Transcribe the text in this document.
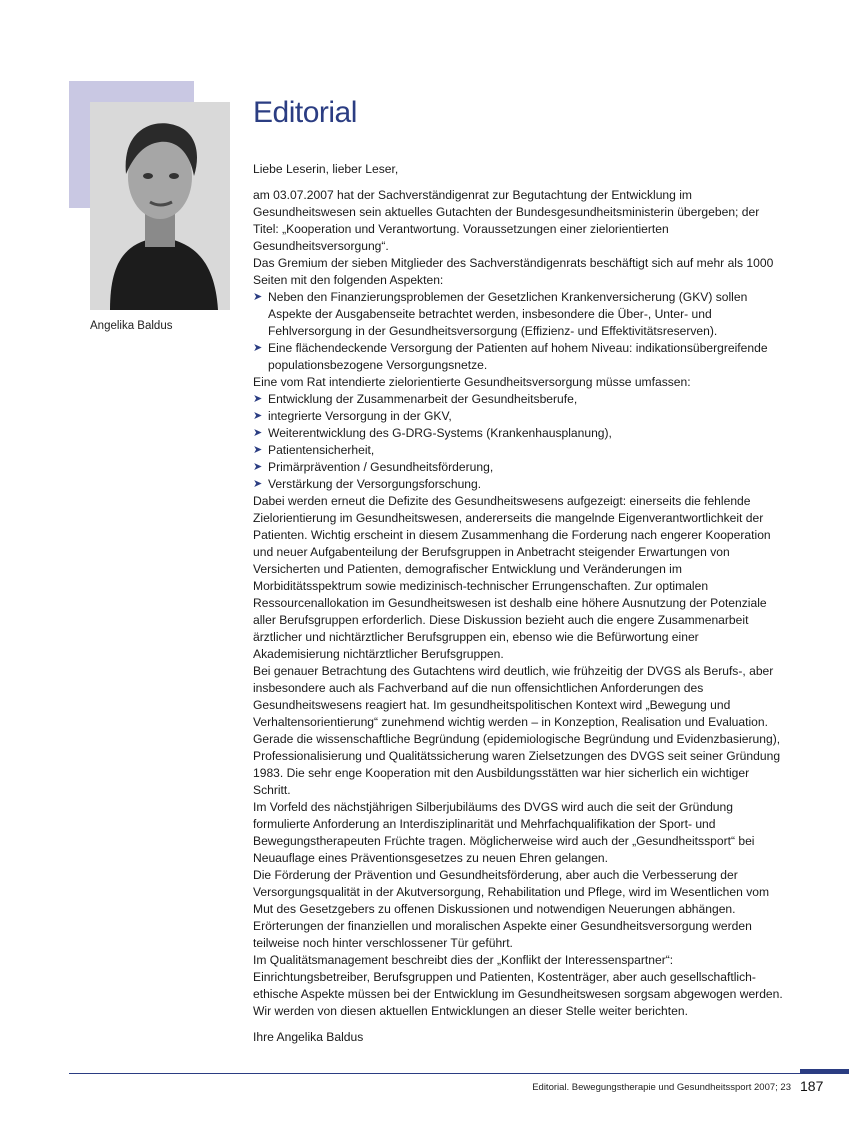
Angelika Baldus
Editorial
Liebe Leserin, lieber Leser,

am 03.07.2007 hat der Sachverständigenrat zur Begutachtung der Entwicklung im Gesundheitswesen sein aktuelles Gutachten der Bundesgesundheitsministerin übergeben; der Titel: „Kooperation und Verantwortung. Voraussetzungen einer zielorientierten Gesundheitsversorgung“.

Das Gremium der sieben Mitglieder des Sachverständigenrats beschäftigt sich auf mehr als 1000 Seiten mit den folgenden Aspekten:

➤ Neben den Finanzierungsproblemen der Gesetzlichen Krankenversicherung (GKV) sollen Aspekte der Ausgabenseite betrachtet werden, insbesondere die Über-, Unter- und Fehlversorgung in der Gesundheitsversorgung (Effizienz- und Effektivitätsreserven).
➤ Eine flächendeckende Versorgung der Patienten auf hohem Niveau: indikationsübergreifende populationsbezogene Versorgungsnetze.

Eine vom Rat intendierte zielorientierte Gesundheitsversorgung müsse umfassen:

➤ Entwicklung der Zusammenarbeit der Gesundheitsberufe,
➤ integrierte Versorgung in der GKV,
➤ Weiterentwicklung des G-DRG-Systems (Krankenhausplanung),
➤ Patientensicherheit,
➤ Primärprävention / Gesundheitsförderung,
➤ Verstärkung der Versorgungsforschung.

Dabei werden erneut die Defizite des Gesundheitswesens aufgezeigt: einerseits die fehlende Zielorientierung im Gesundheitswesen, andererseits die mangelnde Eigenverantwortlichkeit der Patienten. Wichtig erscheint in diesem Zusammenhang die Forderung nach engerer Kooperation und neuer Aufgabenteilung der Berufsgruppen in Anbetracht steigender Erwartungen von Versicherten und Patienten, demografischer Entwicklung und Veränderungen im Morbiditätsspektrum sowie medizinisch-technischer Errungenschaften. Zur optimalen Ressourcenallokation im Gesundheitswesen ist deshalb eine höhere Ausnutzung der Potenziale aller Berufsgruppen erforderlich. Diese Diskussion bezieht auch die engere Zusammenarbeit ärztlicher und nichtärztlicher Berufsgruppen ein, ebenso wie die Befürwortung einer Akademisierung nichtärztlicher Berufsgruppen.

Bei genauer Betrachtung des Gutachtens wird deutlich, wie frühzeitig der DVGS als Berufs-, aber insbesondere auch als Fachverband auf die nun offensichtlichen Anforderungen des Gesundheitswesens reagiert hat. Im gesundheitspolitischen Kontext wird „Bewegung und Verhaltensorientierung“ zunehmend wichtig werden – in Konzeption, Realisation und Evaluation. Gerade die wissenschaftliche Begründung (epidemiologische Begründung und Evidenzbasierung), Professionalisierung und Qualitätssicherung waren Zielsetzungen des DVGS seit seiner Gründung 1983. Die sehr enge Kooperation mit den Ausbildungsstätten war hier sicherlich ein wichtiger Schritt.

Im Vorfeld des nächstjährigen Silberjubiläums des DVGS wird auch die seit der Gründung formulierte Anforderung an Interdisziplinarität und Mehrfachqualifikation der Sport- und Bewegungstherapeuten Früchte tragen. Möglicherweise wird auch der „Gesundheitssport“ bei Neuauflage eines Präventionsgesetzes zu neuen Ehren gelangen.

Die Förderung der Prävention und Gesundheitsförderung, aber auch die Verbesserung der Versorgungsqualität in der Akutversorgung, Rehabilitation und Pflege, wird im Wesentlichen vom Mut des Gesetzgebers zu offenen Diskussionen und notwendigen Neuerungen abhängen. Erörterungen der finanziellen und moralischen Aspekte einer Gesundheitsversorgung werden teilweise noch hinter verschlossener Tür geführt.

Im Qualitätsmanagement beschreibt dies der „Konflikt der Interessenspartner“: Einrichtungsbetreiber, Berufsgruppen und Patienten, Kostenträger, aber auch gesellschaftlich-ethische Aspekte müssen bei der Entwicklung im Gesundheitswesen sorgsam abgewogen werden.

Wir werden von diesen aktuellen Entwicklungen an dieser Stelle weiter berichten.

Ihre Angelika Baldus
Editorial. Bewegungstherapie und Gesundheitssport 2007; 23 187
